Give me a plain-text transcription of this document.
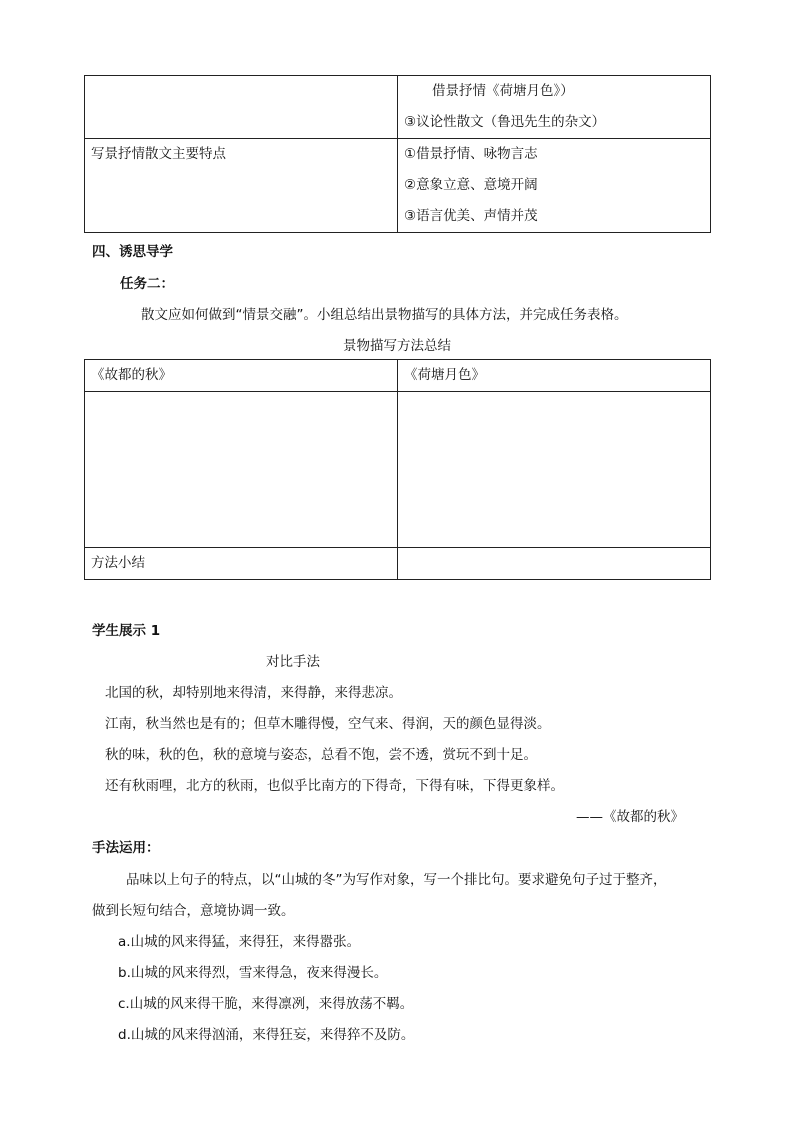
	借景抒情《荷塘月色》）
③议论性散文（鲁迅先生的杂文）

写景抒情散文主要特点	①借景抒情、咏物言志
②意象立意、意境开阔
③语言优美、声情并茂
四、诱思导学
任务二：
散文应如何做到“情景交融”。小组总结出景物描写的具体方法，并完成任务表格。
景物描写方法总结
《故都的秋》	《荷塘月色》

方法小结	

学生展示 1
对比手法
北国的秋，却特别地来得清，来得静，来得悲凉。
江南，秋当然也是有的；但草木雕得慢，空气来、得润，天的颜色显得淡。
秋的味，秋的色，秋的意境与姿态，总看不饱，尝不透，赏玩不到十足。
还有秋雨哩，北方的秋雨，也似乎比南方的下得奇，下得有味，下得更象样。
——《故都的秋》
手法运用：
品味以上句子的特点，以“山城的冬”为写作对象，写一个排比句。要求避免句子过于整齐，
做到长短句结合，意境协调一致。
a.山城的风来得猛，来得狂，来得嚣张。
b.山城的风来得烈，雪来得急，夜来得漫长。
c.山城的风来得干脆，来得凛冽，来得放荡不羁。
d.山城的风来得汹涌，来得狂妄，来得猝不及防。
